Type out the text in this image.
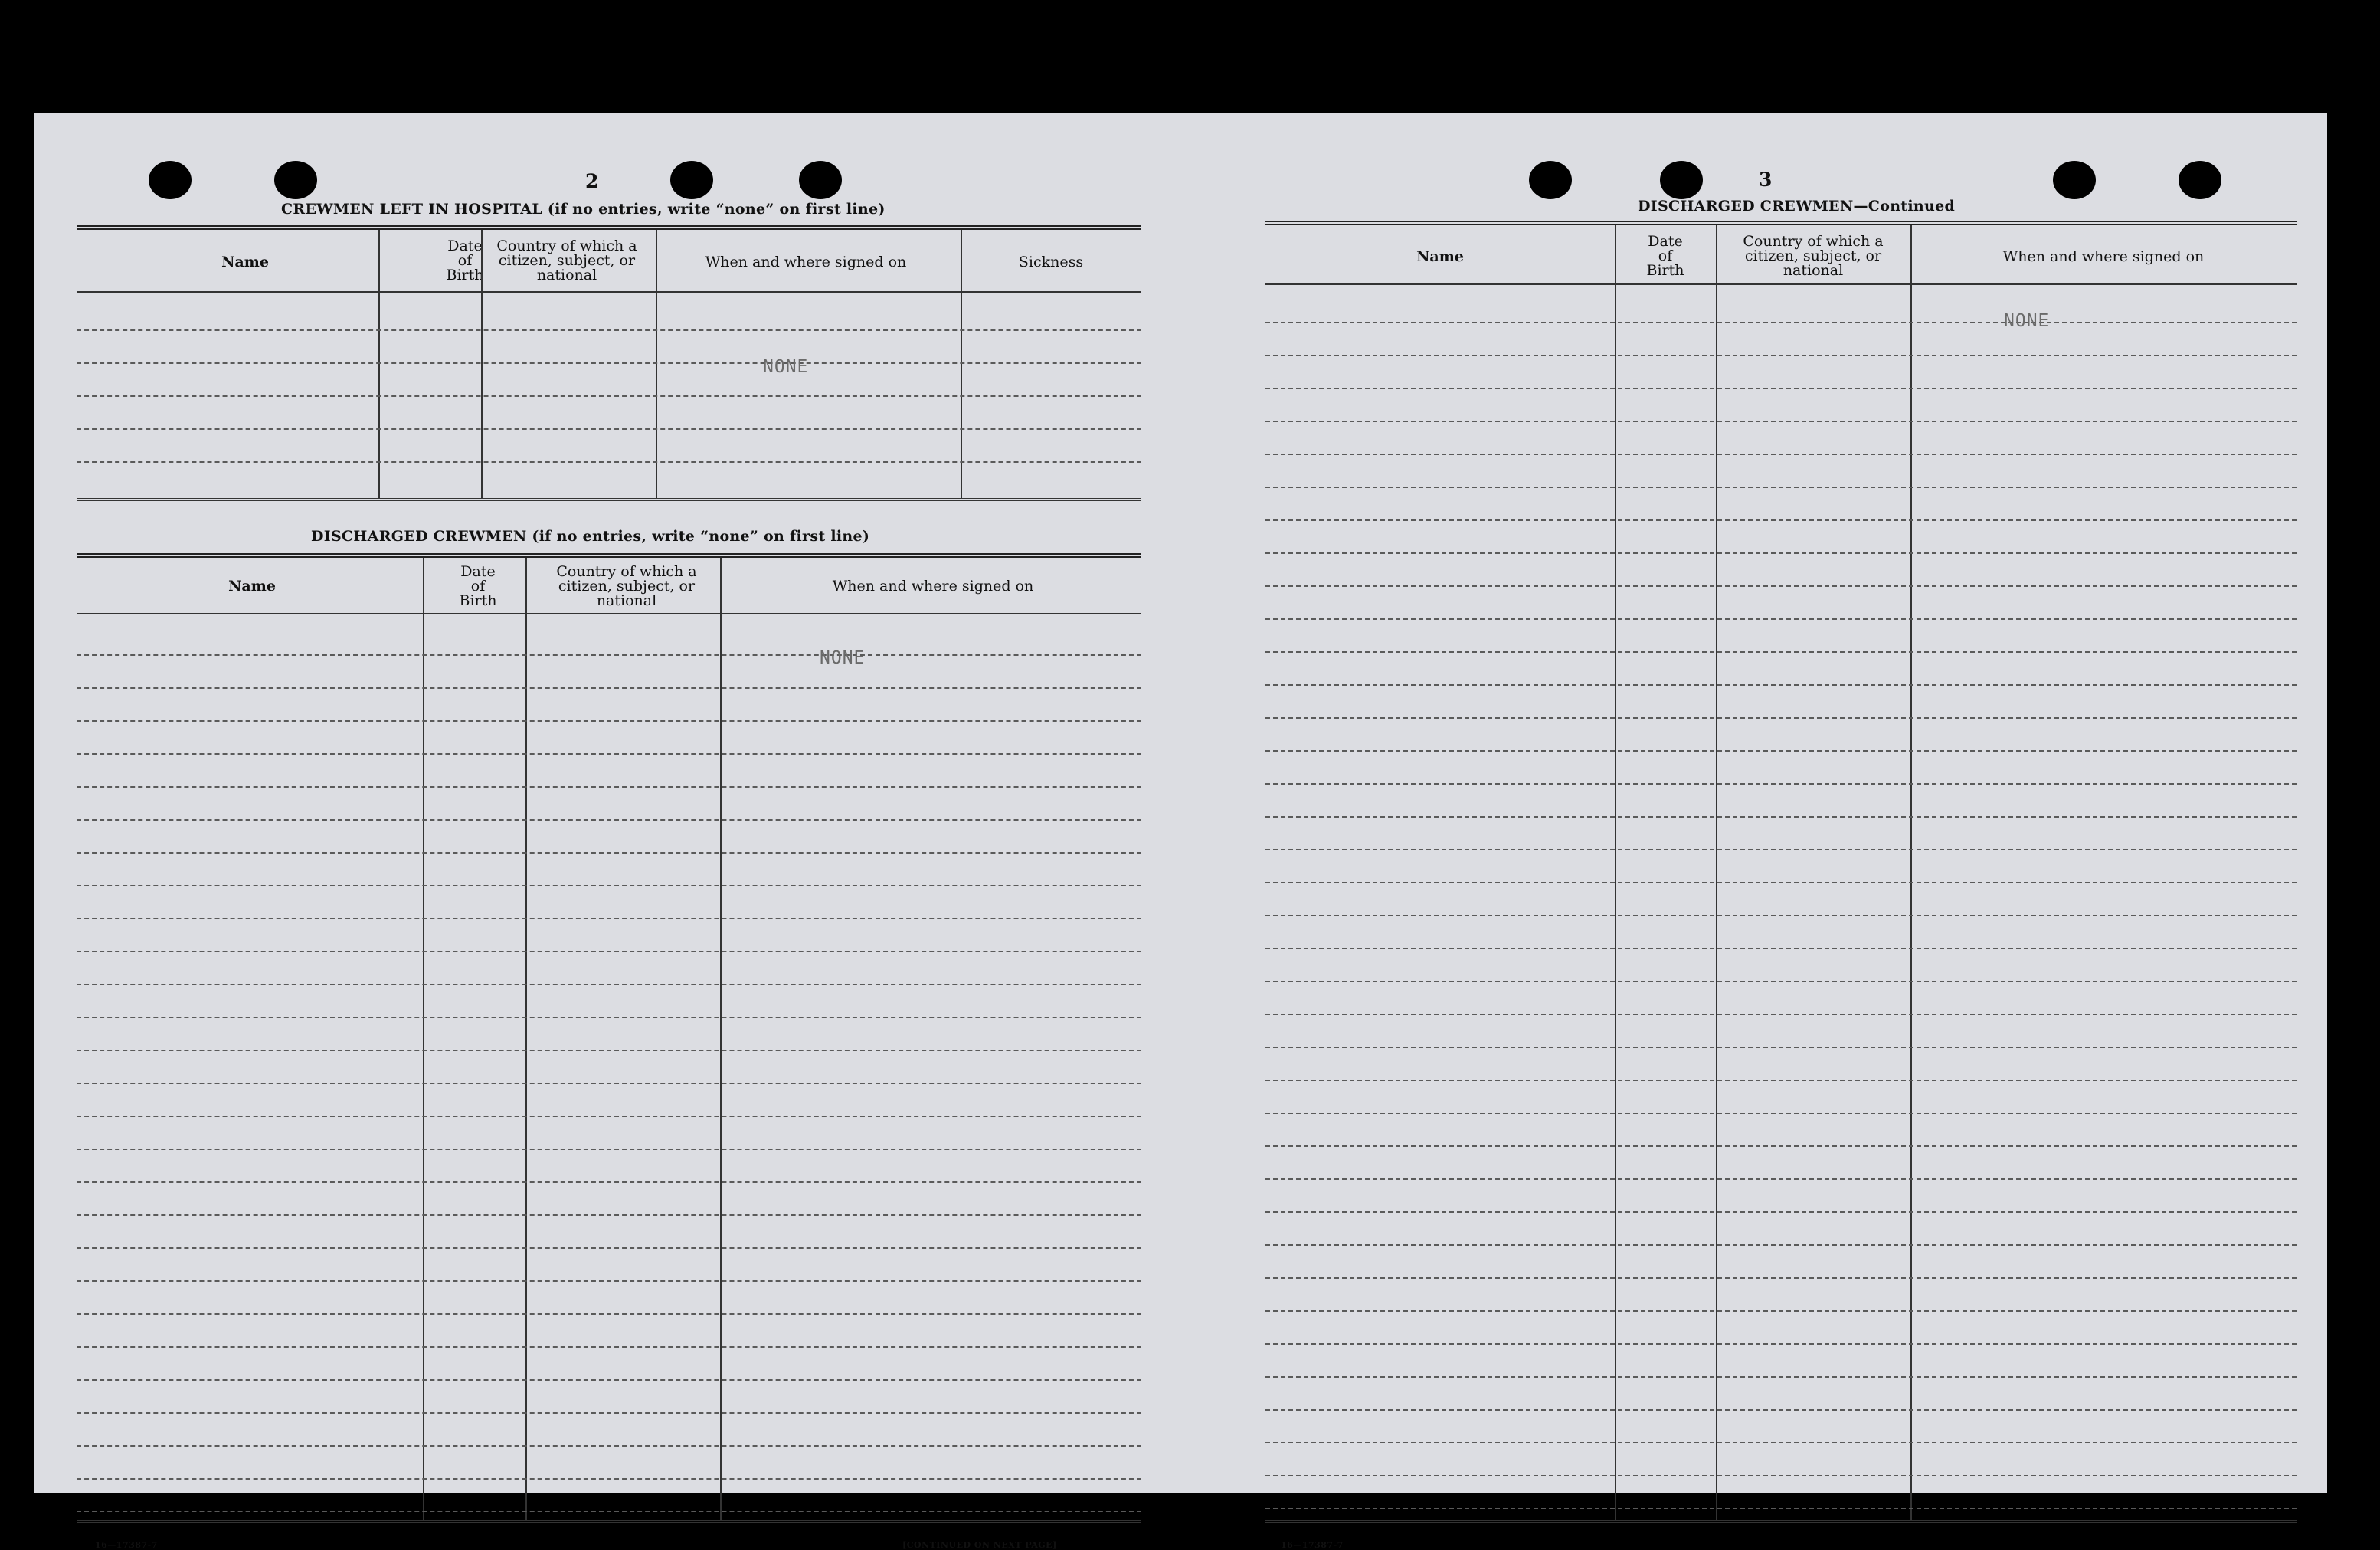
2
CREWMEN LEFT IN HOSPITAL (if no entries, write “none” on first line)
Name
Date
of
Birth
Country of which a
citizen, subject, or
national
When and where signed on	Sickness
NONE
DISCHARGED CREWMEN (if no entries, write “none” on first line)
Name
Date
of
Birth
Country of which a
citizen, subject, or
national
When and where signed on
NONE
16—17387-7	[CONTINUED ON NEXT PAGE]
3
DISCHARGED CREWMEN—Continued
Name
Date
of
Birth
Country of which a
citizen, subject, or
national
When and where signed on
NONE
16—17387-7
